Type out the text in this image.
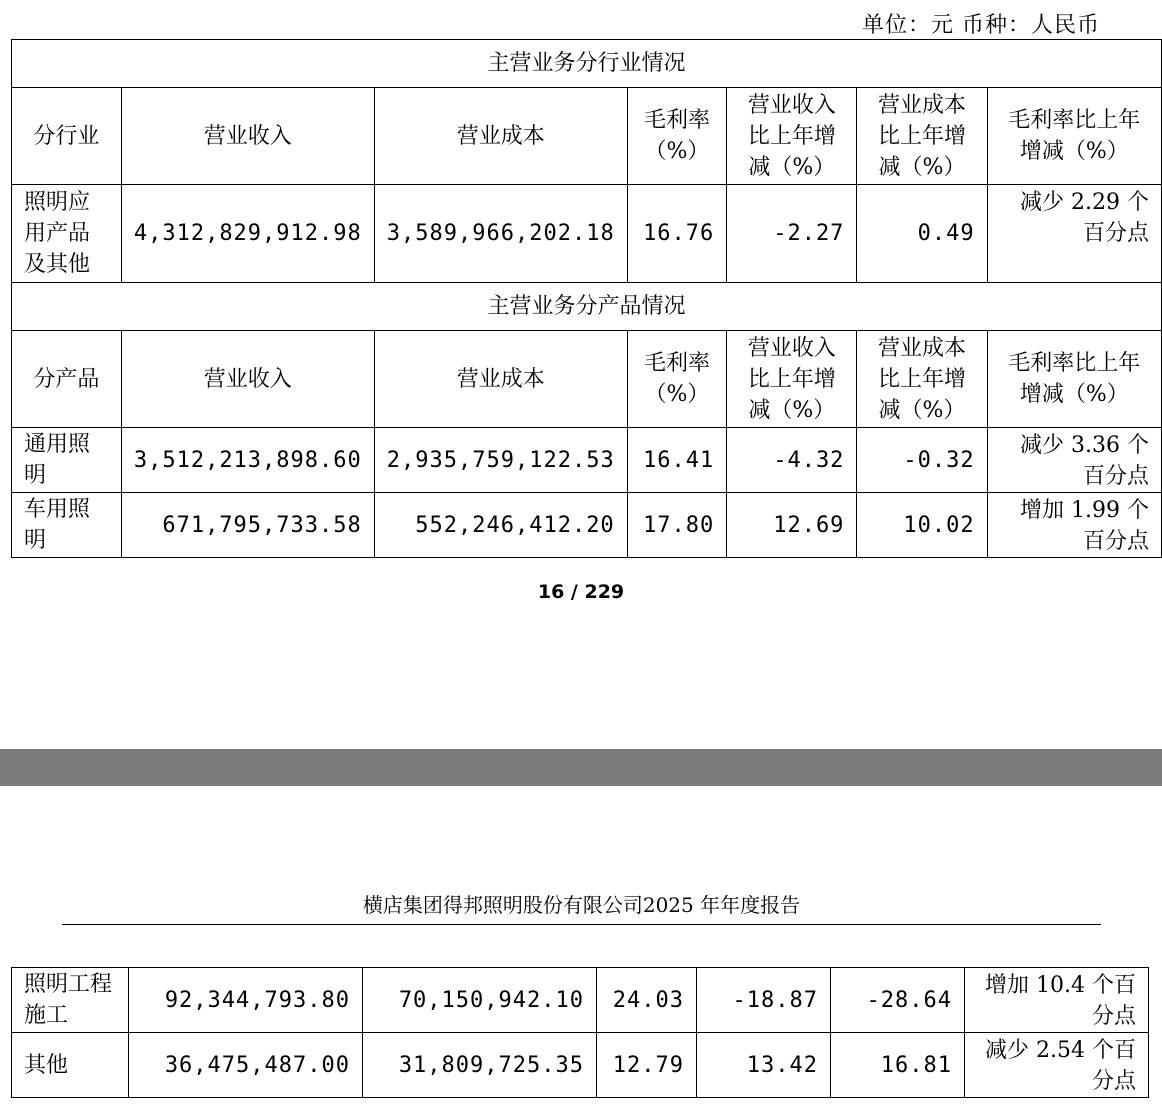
单位：元 币种：人民币
主营业务分行业情况						
分行业	营业收入	营业成本	毛利率（%）	营业收入比上年增减（%）	营业成本比上年增减（%）	毛利率比上年增减（%）
照明应用产品及其他	4,312,829,912.98	3,589,966,202.18	16.76	-2.27	0.49	减少 2.29 个百分点
主营业务分产品情况						
分产品	营业收入	营业成本	毛利率（%）	营业收入比上年增减（%）	营业成本比上年增减（%）	毛利率比上年增减（%）
通用照明	3,512,213,898.60	2,935,759,122.53	16.41	-4.32	-0.32	减少 3.36 个百分点
车用照明	671,795,733.58	552,246,412.20	17.80	12.69	10.02	增加 1.99 个百分点
16 / 229
横店集团得邦照明股份有限公司2025 年年度报告
照明工程施工	92,344,793.80	70,150,942.10	24.03	-18.87	-28.64	增加 10.4 个百分点
其他	36,475,487.00	31,809,725.35	12.79	13.42	16.81	减少 2.54 个百分点
